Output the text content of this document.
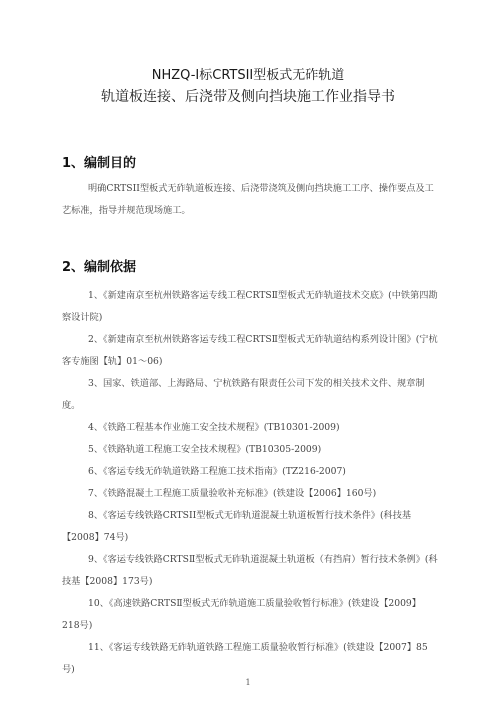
NHZQ-Ⅰ标CRTSII型板式无砟轨道
轨道板连接、后浇带及侧向挡块施工作业指导书
1、编制目的
明确CRTSII型板式无砟轨道板连接、后浇带浇筑及侧向挡块施工工序、操作要点及工艺标准，指导并规范现场施工。
2、编制依据

1、《新建南京至杭州铁路客运专线工程CRTSⅡ型板式无砟轨道技术交底》(中铁第四勘察设计院)

2、《新建南京至杭州铁路客运专线工程CRTSⅡ型板式无砟轨道结构系列设计图》(宁杭客专施图【轨】01～06)

3、国家、铁道部、上海路局、宁杭铁路有限责任公司下发的相关技术文件、规章制度。

4、《铁路工程基本作业施工安全技术规程》(TB10301-2009)

5、《铁路轨道工程施工安全技术规程》(TB10305-2009)

6、《客运专线无砟轨道铁路工程施工技术指南》(TZ216-2007)

7、《铁路混凝土工程施工质量验收补充标准》(铁建设【2006】160号)

8、《客运专线铁路CRTSII型板式无砟轨道混凝土轨道板暂行技术条件》(科技基【2008】74号)

9、《客运专线铁路CRTSⅡ型板式无砟轨道混凝土轨道板（有挡肩）暂行技术条例》(科技基【2008】173号)

10、《高速铁路CRTSⅡ型板式无砟轨道施工质量验收暂行标准》(铁建设【2009】218号)

11、《客运专线铁路无砟轨道铁路工程施工质量验收暂行标准》(铁建设【2007】85号)

1
